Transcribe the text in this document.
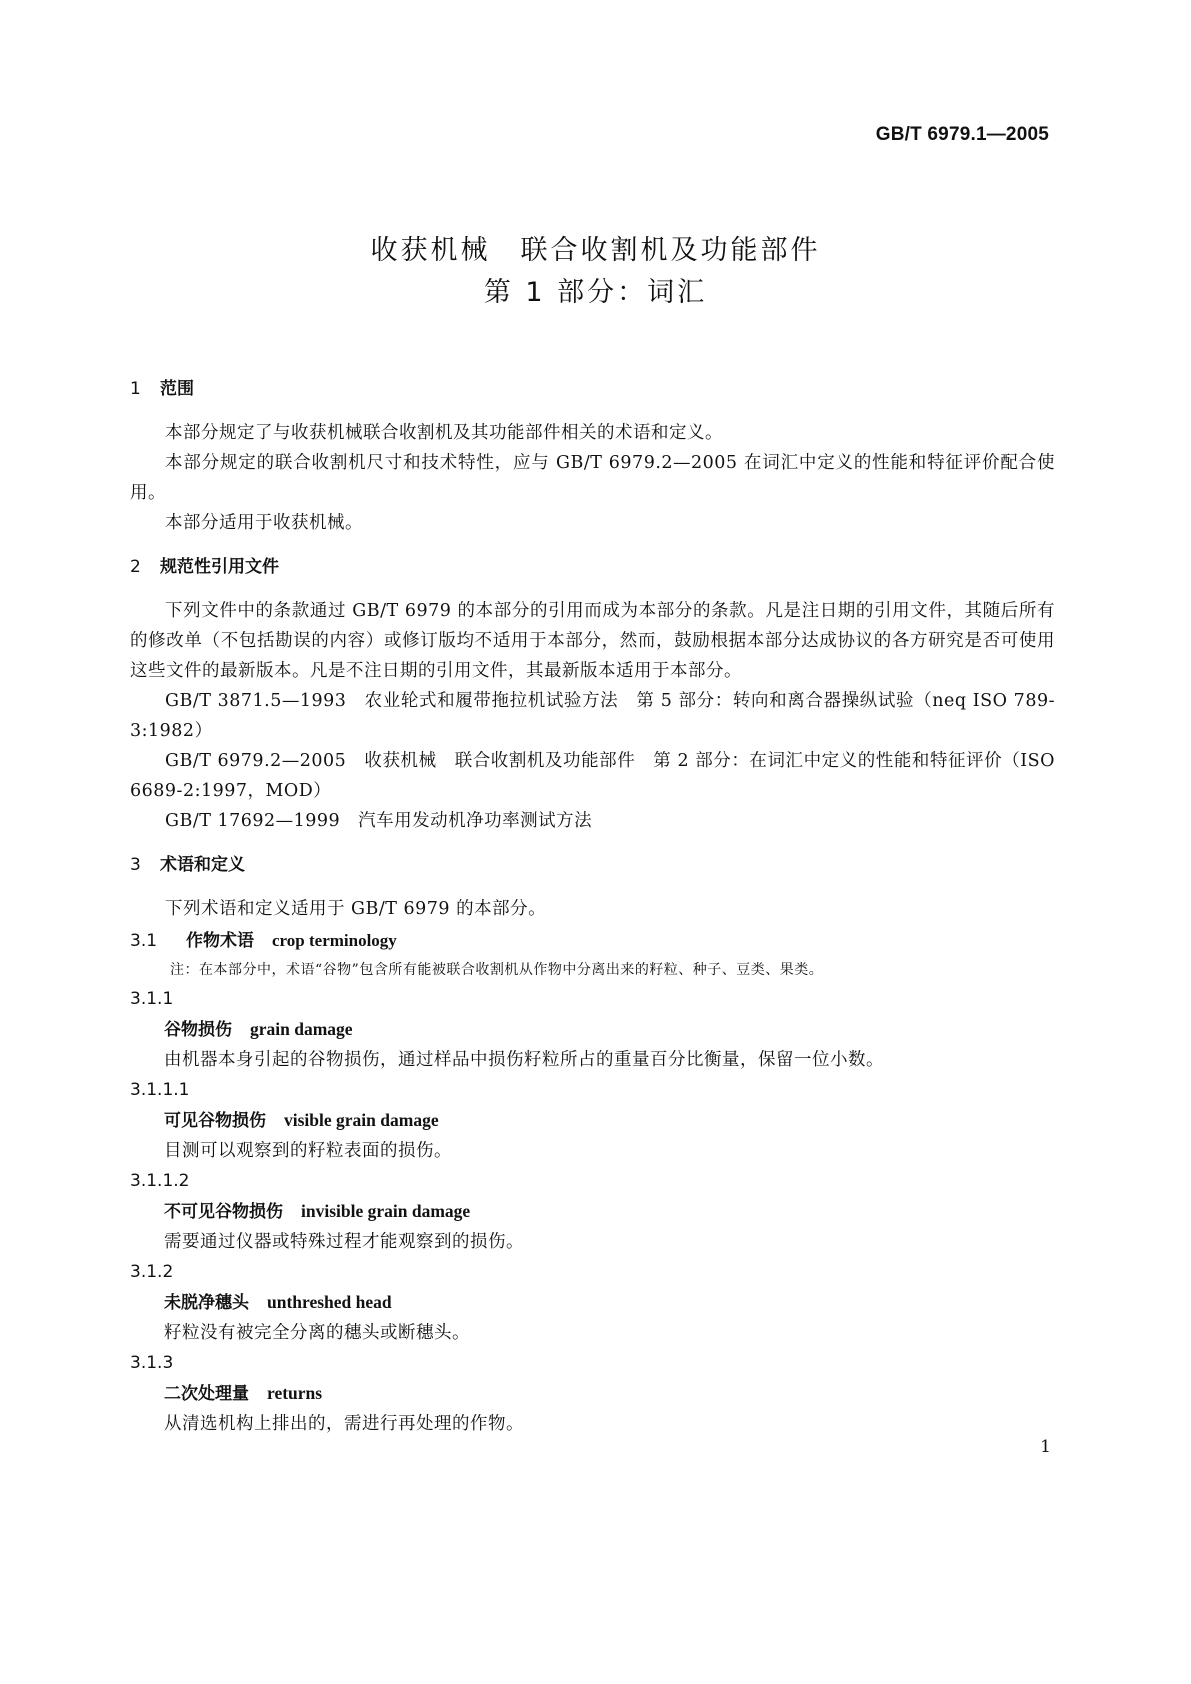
GB/T 6979.1—2005
收获机械　联合收割机及功能部件
第 1 部分：词汇
1 范围

本部分规定了与收获机械联合收割机及其功能部件相关的术语和定义。

本部分规定的联合收割机尺寸和技术特性，应与 GB/T 6979.2—2005 在词汇中定义的性能和特征评价配合使用。

本部分适用于收获机械。

2 规范性引用文件

下列文件中的条款通过 GB/T 6979 的本部分的引用而成为本部分的条款。凡是注日期的引用文件，其随后所有的修改单（不包括勘误的内容）或修订版均不适用于本部分，然而，鼓励根据本部分达成协议的各方研究是否可使用这些文件的最新版本。凡是不注日期的引用文件，其最新版本适用于本部分。

GB/T 3871.5—1993　农业轮式和履带拖拉机试验方法　第 5 部分：转向和离合器操纵试验（neq ISO 789-3:1982）

GB/T 6979.2—2005　收获机械　联合收割机及功能部件　第 2 部分：在词汇中定义的性能和特征评价（ISO 6689-2:1997，MOD）

GB/T 17692—1999　汽车用发动机净功率测试方法

3 术语和定义

下列术语和定义适用于 GB/T 6979 的本部分。

3.1 作物术语 crop terminology
注：在本部分中，术语“谷物”包含所有能被联合收割机从作物中分离出来的籽粒、种子、豆类、果类。
3.1.1
谷物损伤 grain damage
由机器本身引起的谷物损伤，通过样品中损伤籽粒所占的重量百分比衡量，保留一位小数。
3.1.1.1
可见谷物损伤 visible grain damage
目测可以观察到的籽粒表面的损伤。
3.1.1.2
不可见谷物损伤 invisible grain damage
需要通过仪器或特殊过程才能观察到的损伤。
3.1.2
未脱净穗头 unthreshed head
籽粒没有被完全分离的穗头或断穗头。
3.1.3
二次处理量 returns
从清选机构上排出的，需进行再处理的作物。
1
